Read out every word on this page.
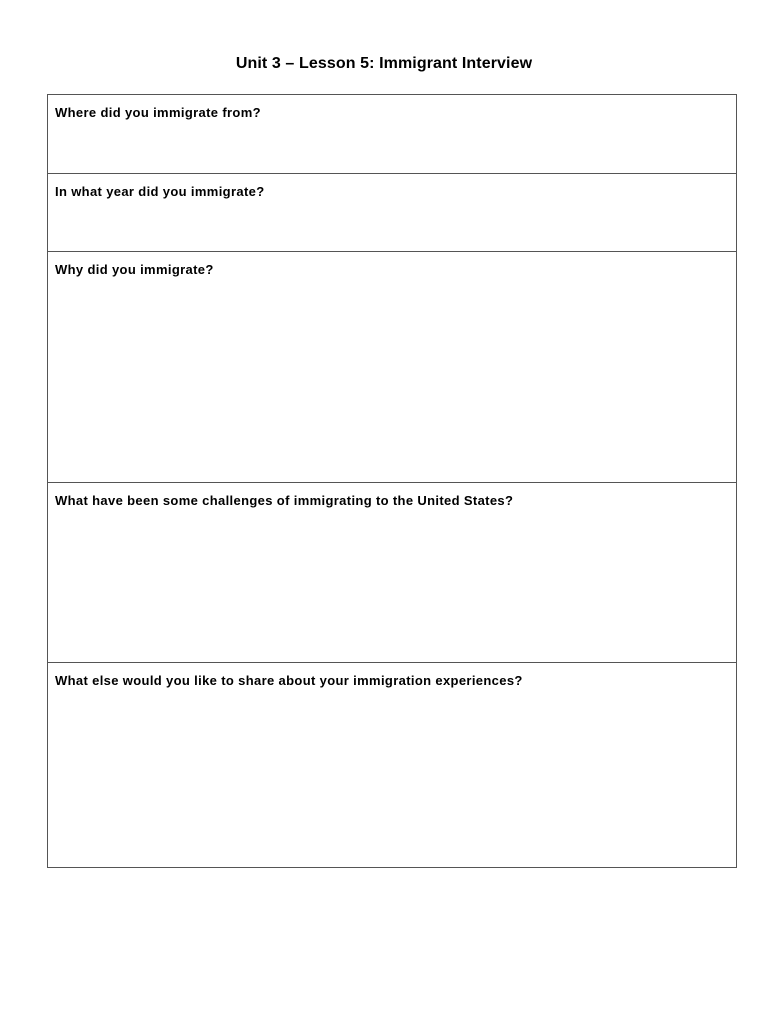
Unit 3 – Lesson 5: Immigrant Interview
Where did you immigrate from?
In what year did you immigrate?
Why did you immigrate?
What have been some challenges of immigrating to the United States?
What else would you like to share about your immigration experiences?
